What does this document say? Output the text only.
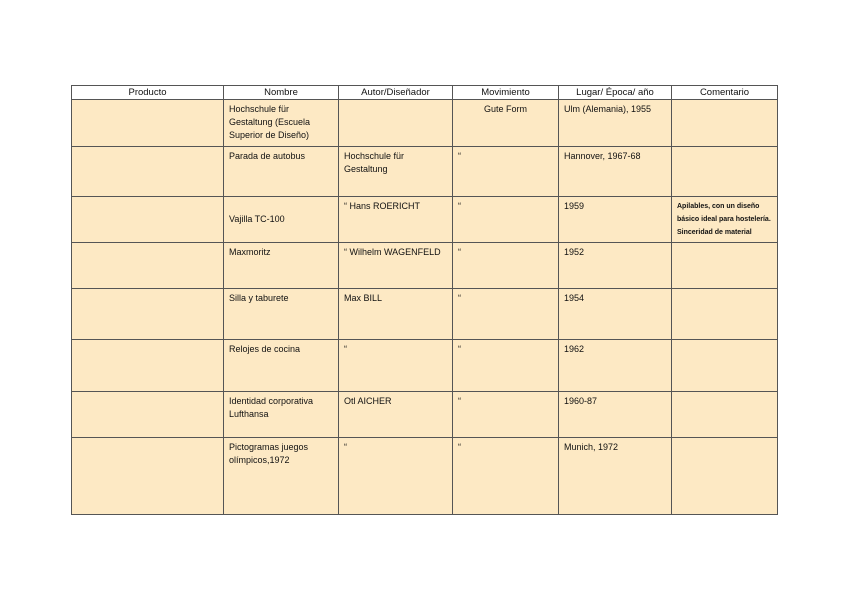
Producto	Nombre	Autor/Diseñador	Movimiento	Lugar/ Época/ año	Comentario

	Hochschule für Gestaltung (Escuela Superior de Diseño)		Gute Form	Ulm (Alemania), 1955	

	Parada de autobus	Hochschule für Gestaltung	“	Hannover, 1967-68	

	Vajilla TC-100	“ Hans ROERICHT	“	1959	Apilables, con un diseño básico ideal para hostelería. Sinceridad de material

	Maxmoritz	“ Wilhelm WAGENFELD	“	1952	

	Silla y taburete	Max BILL	“	1954	

	Relojes de cocina	“	“	1962	

	Identidad corporativa Lufthansa	Otl AICHER	“	1960-87	

	Pictogramas juegos olímpicos,1972	“	“	Munich, 1972	
